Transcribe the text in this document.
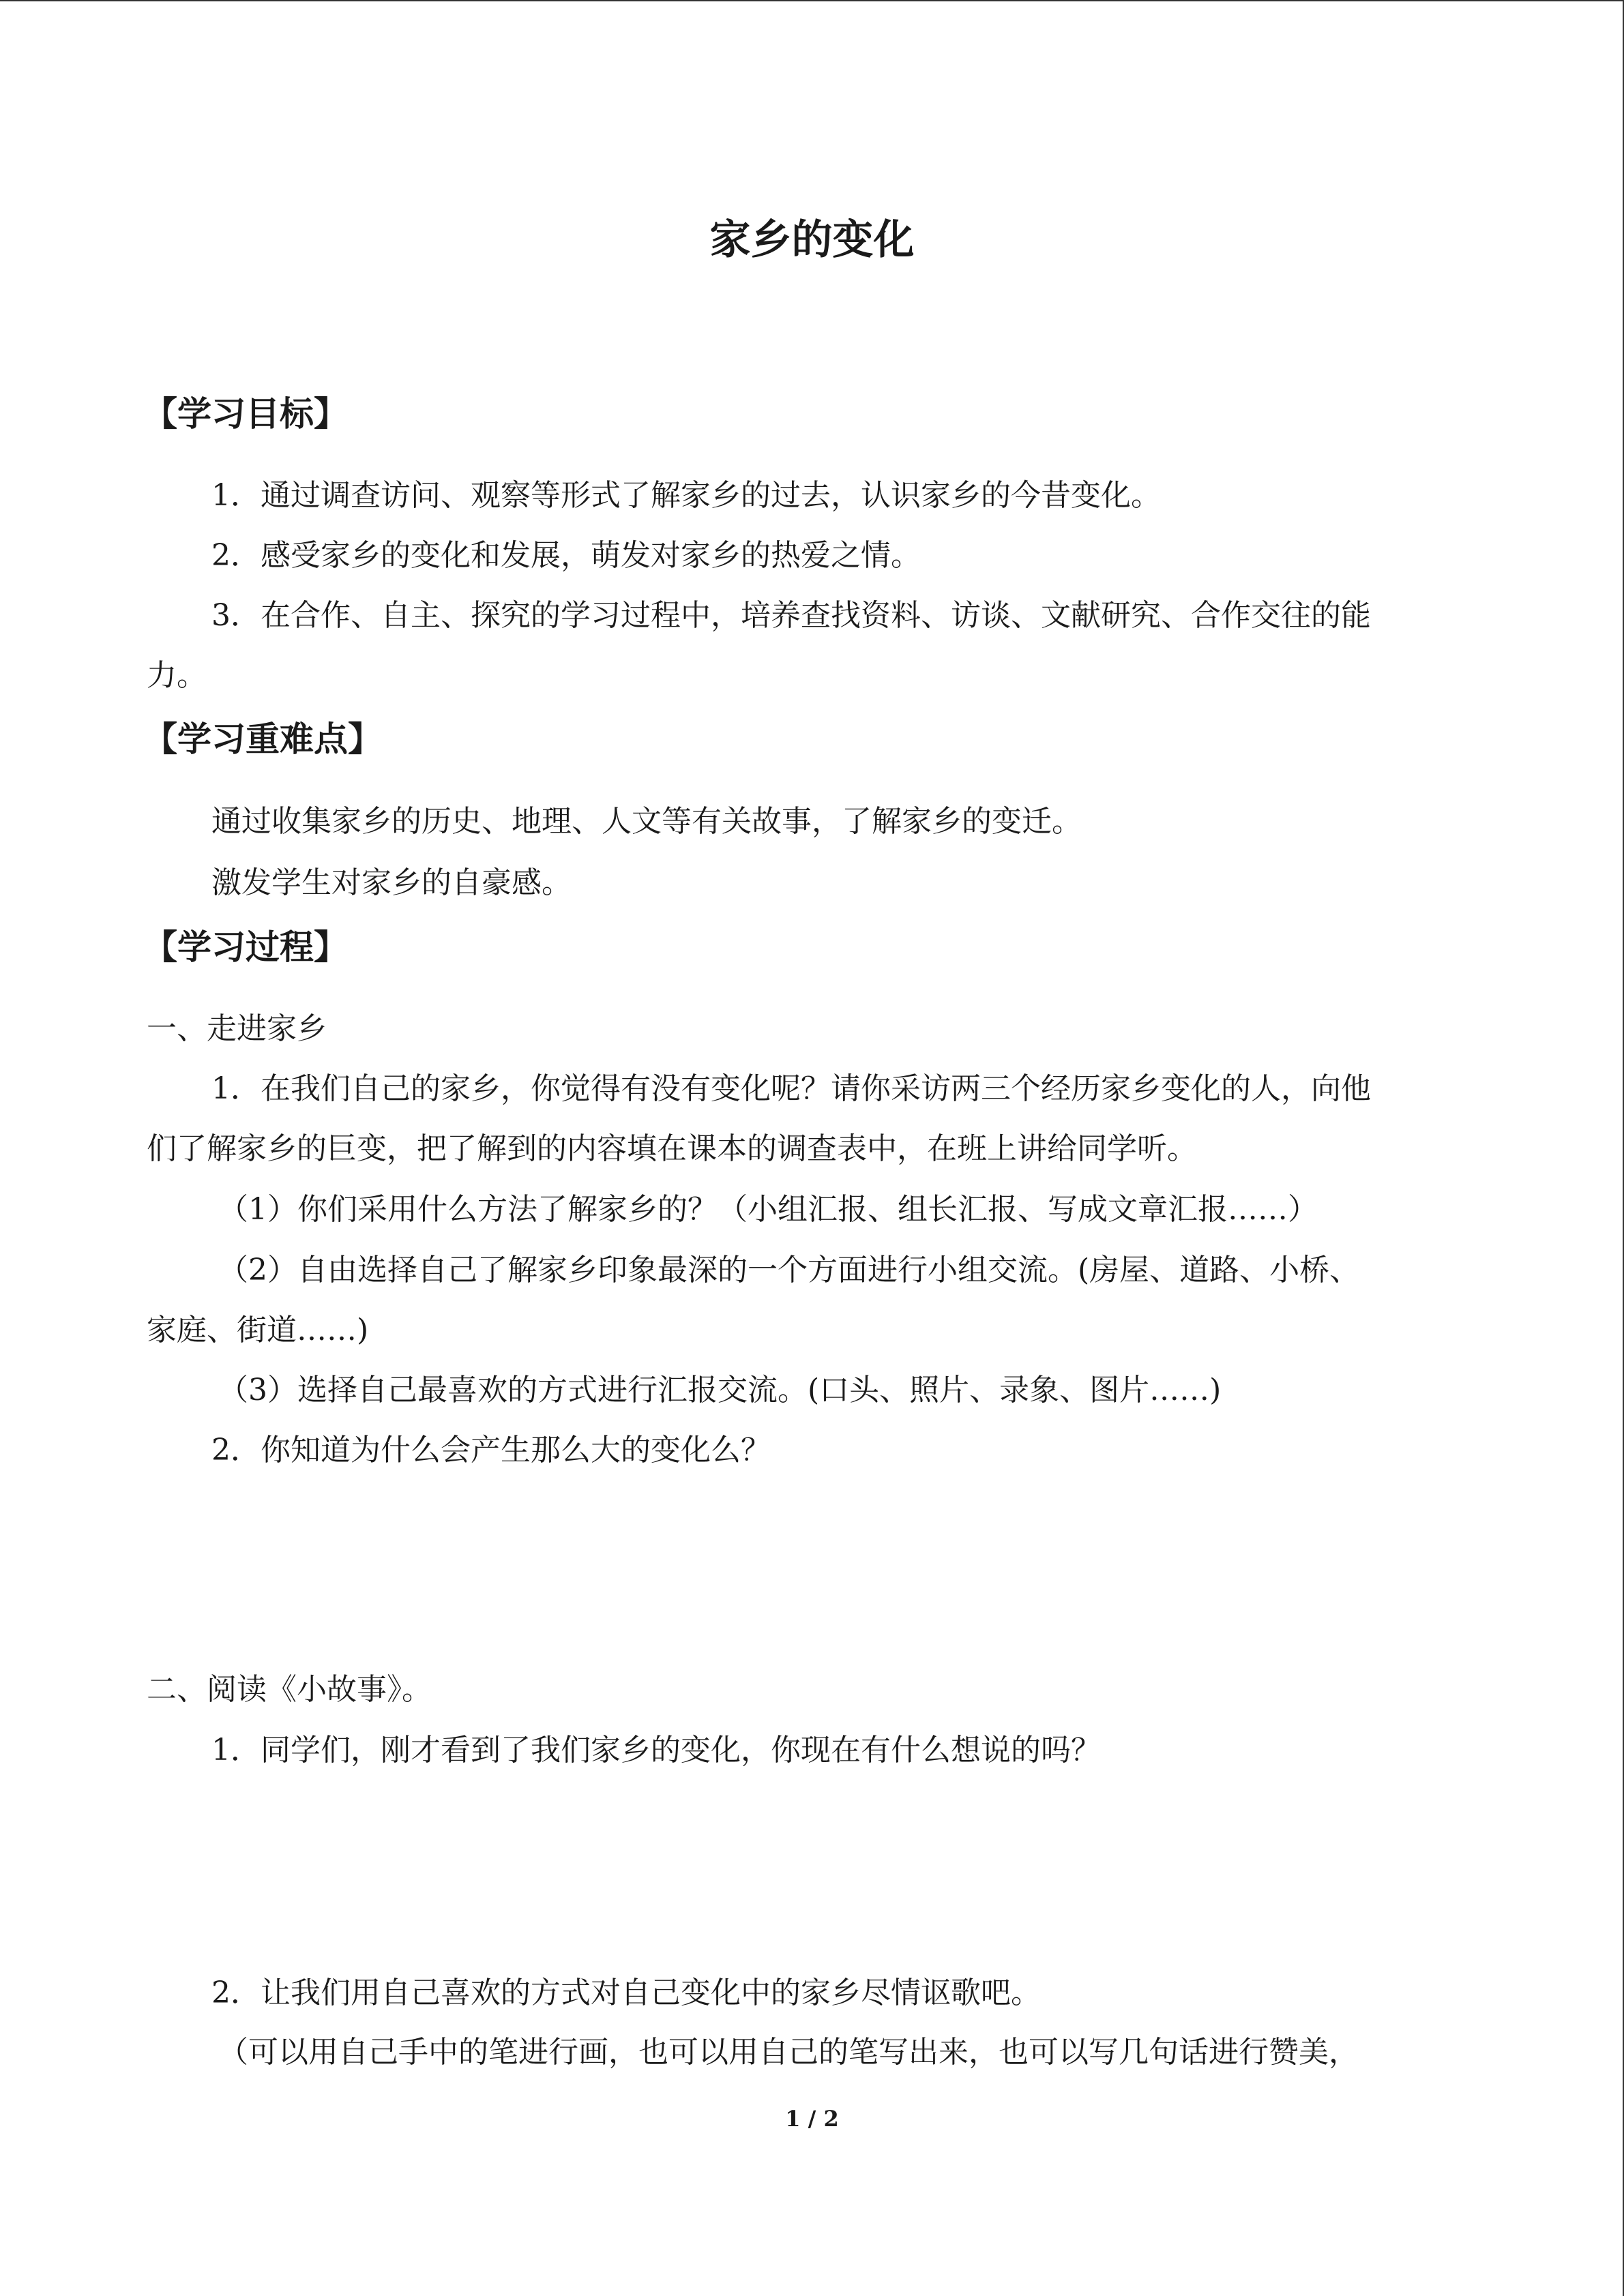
家乡的变化
【学习目标】
1．通过调查访问、观察等形式了解家乡的过去，认识家乡的今昔变化。
2．感受家乡的变化和发展，萌发对家乡的热爱之情。
3．在合作、自主、探究的学习过程中，培养查找资料、访谈、文献研究、合作交往的能
力。
【学习重难点】
通过收集家乡的历史、地理、人文等有关故事，了解家乡的变迁。
激发学生对家乡的自豪感。
【学习过程】
一、走进家乡
1．在我们自己的家乡，你觉得有没有变化呢？请你采访两三个经历家乡变化的人，向他
们了解家乡的巨变，把了解到的内容填在课本的调查表中，在班上讲给同学听。
（1）你们采用什么方法了解家乡的？（小组汇报、组长汇报、写成文章汇报……）
（2）自由选择自己了解家乡印象最深的一个方面进行小组交流。(房屋、道路、小桥、
家庭、街道……)
（3）选择自己最喜欢的方式进行汇报交流。(口头、照片、录象、图片……)
2．你知道为什么会产生那么大的变化么？
二、阅读《小故事》。
1．同学们，刚才看到了我们家乡的变化，你现在有什么想说的吗？
2．让我们用自己喜欢的方式对自己变化中的家乡尽情讴歌吧。
（可以用自己手中的笔进行画，也可以用自己的笔写出来，也可以写几句话进行赞美，
1 / 2
